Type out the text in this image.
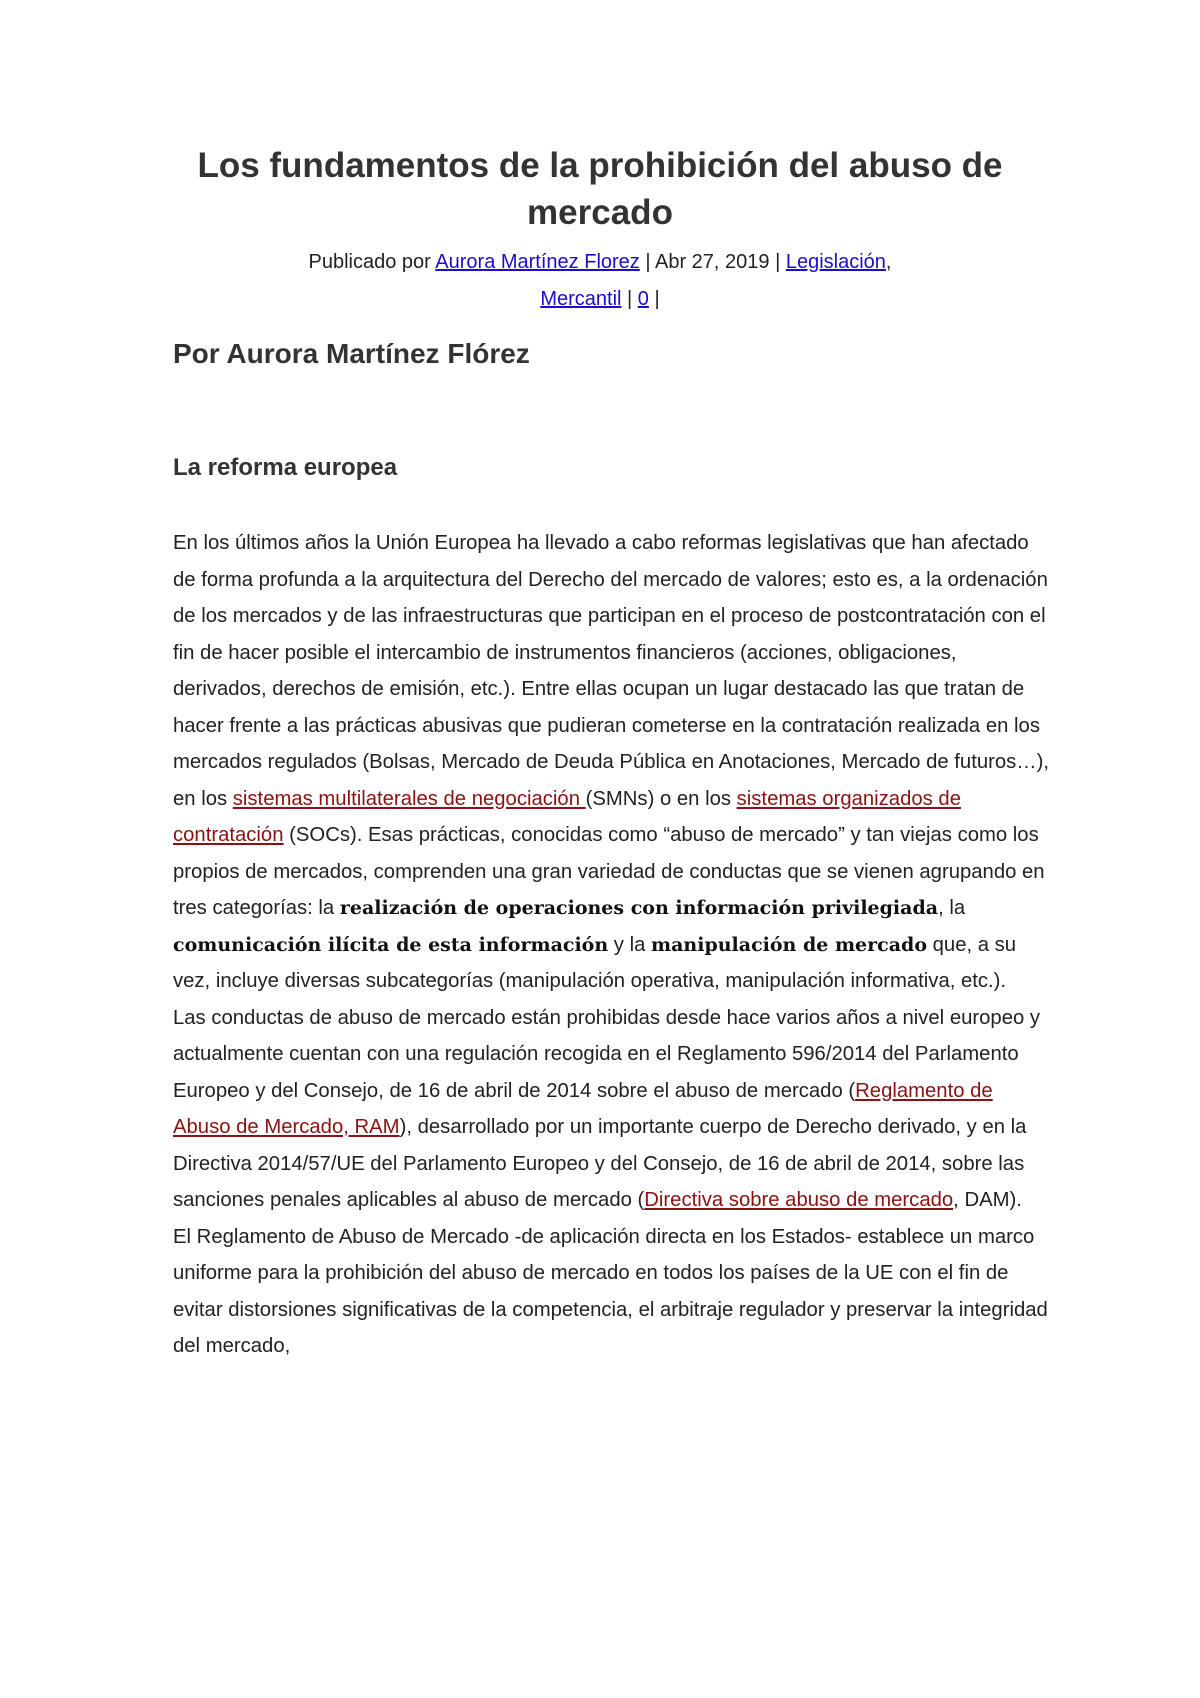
Los fundamentos de la prohibición del abuso de mercado
Publicado por Aurora Martínez Florez | Abr 27, 2019 | Legislación, Mercantil | 0 |
Por Aurora Martínez Flórez
La reforma europea

En los últimos años la Unión Europea ha llevado a cabo reformas legislativas que han afectado de forma profunda a la arquitectura del Derecho del mercado de valores; esto es, a la ordenación de los mercados y de las infraestructuras que participan en el proceso de postcontratación con el fin de hacer posible el intercambio de instrumentos financieros (acciones, obligaciones, derivados, derechos de emisión, etc.). Entre ellas ocupan un lugar destacado las que tratan de hacer frente a las prácticas abusivas que pudieran cometerse en la contratación realizada en los mercados regulados (Bolsas, Mercado de Deuda Pública en Anotaciones, Mercado de futuros…), en los sistemas multilaterales de negociación (SMNs) o en los sistemas organizados de contratación (SOCs). Esas prácticas, conocidas como “abuso de mercado” y tan viejas como los propios de mercados, comprenden una gran variedad de conductas que se vienen agrupando en tres categorías: la realización de operaciones con información privilegiada, la comunicación ilícita de esta información y la manipulación de mercado que, a su vez, incluye diversas subcategorías (manipulación operativa, manipulación informativa, etc.).

Las conductas de abuso de mercado están prohibidas desde hace varios años a nivel europeo y actualmente cuentan con una regulación recogida en el Reglamento 596/2014 del Parlamento Europeo y del Consejo, de 16 de abril de 2014 sobre el abuso de mercado (Reglamento de Abuso de Mercado, RAM), desarrollado por un importante cuerpo de Derecho derivado, y en la Directiva 2014/57/UE del Parlamento Europeo y del Consejo, de 16 de abril de 2014, sobre las sanciones penales aplicables al abuso de mercado (Directiva sobre abuso de mercado, DAM).

El Reglamento de Abuso de Mercado -de aplicación directa en los Estados- establece un marco uniforme para la prohibición del abuso de mercado en todos los países de la UE con el fin de evitar distorsiones significativas de la competencia, el arbitraje regulador y preservar la integridad del mercado,
